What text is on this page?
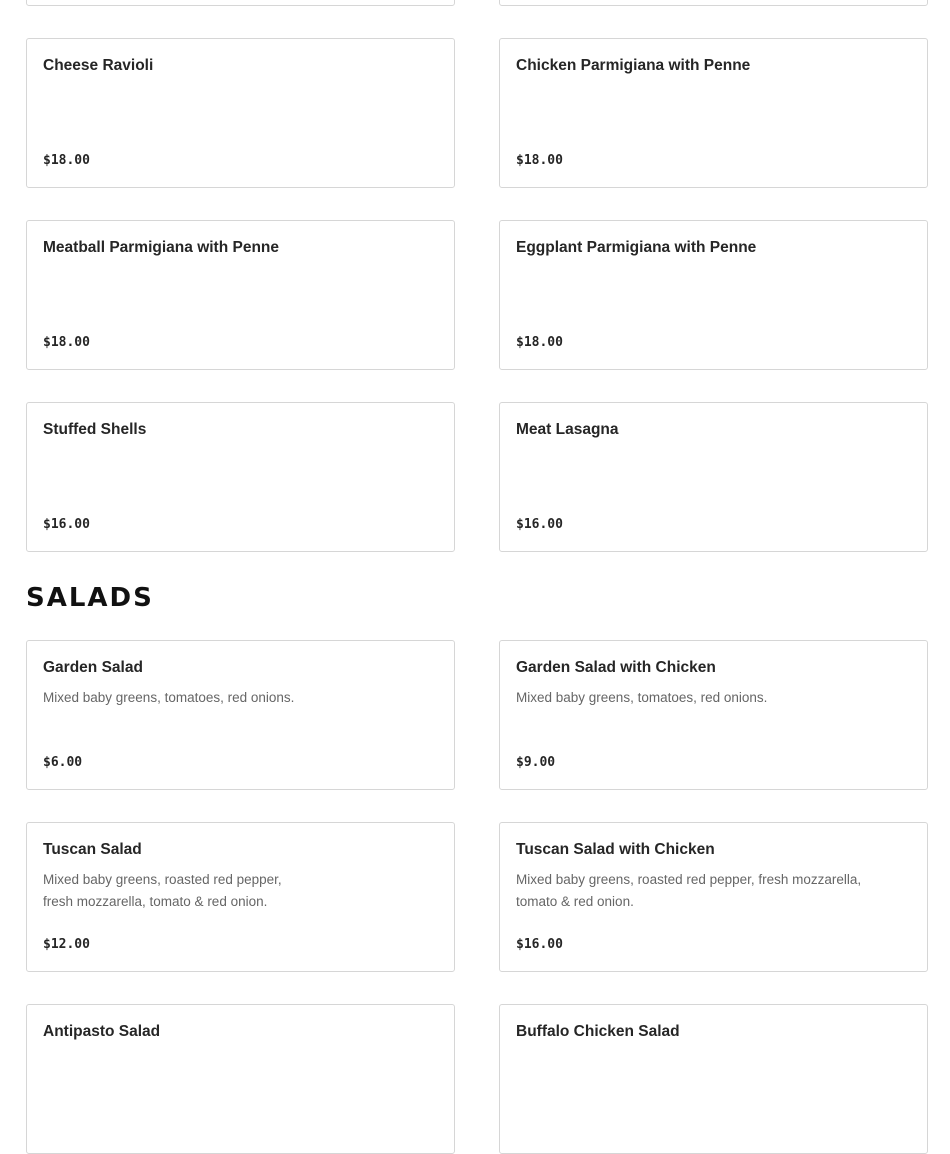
Cheese Ravioli
$18.00
Chicken Parmigiana with Penne
$18.00
Meatball Parmigiana with Penne
$18.00
Eggplant Parmigiana with Penne
$18.00
Stuffed Shells
$16.00
Meat Lasagna
$16.00
SALADS
Garden Salad
Mixed baby greens, tomatoes, red onions.
$6.00
Garden Salad with Chicken
Mixed baby greens, tomatoes, red onions.
$9.00
Tuscan Salad
Mixed baby greens, roasted red pepper, fresh mozzarella, tomato & red onion.
$12.00
Tuscan Salad with Chicken
Mixed baby greens, roasted red pepper, fresh mozzarella, tomato & red onion.
$16.00
Antipasto Salad	Buffalo Chicken Salad
